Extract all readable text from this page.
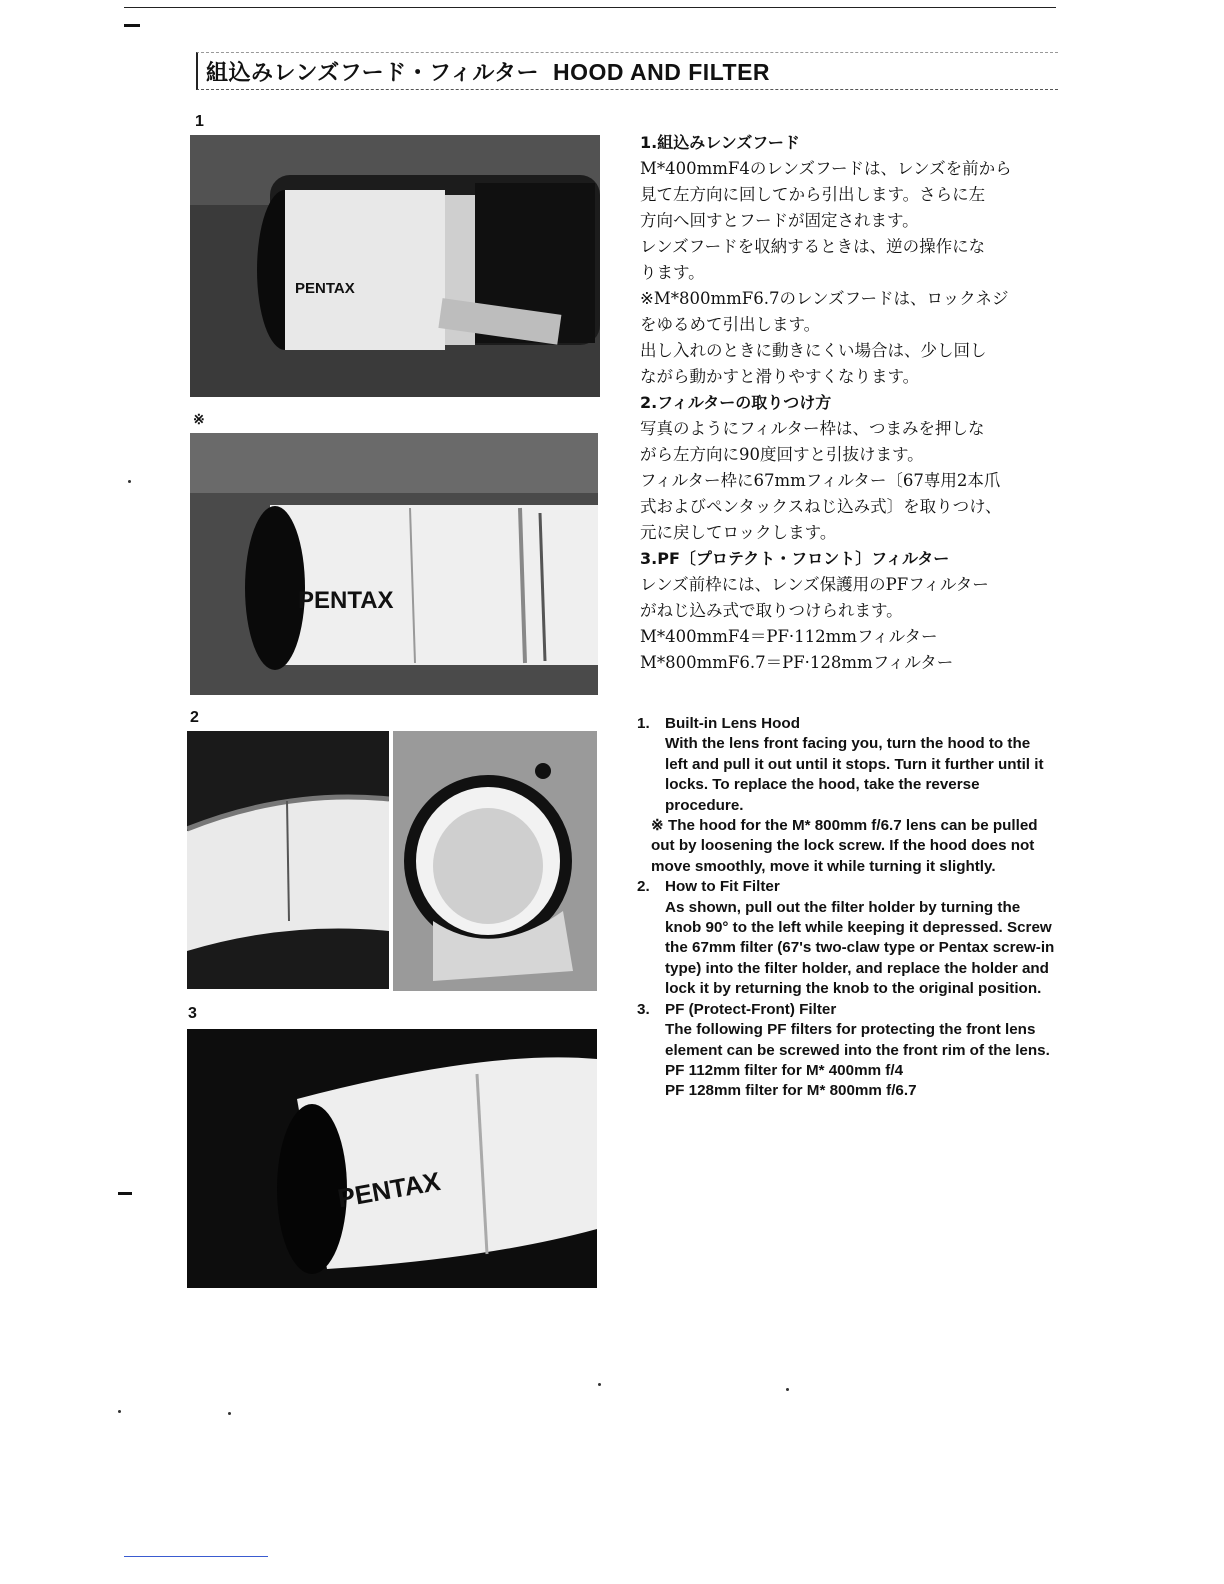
組込みレンズフード・フィルター HOOD AND FILTER
1
PENTAX
※
PENTAX
2
3
PENTAX

1.組込みレンズフード

M*400mmF4のレンズフードは、レンズを前から

見て左方向に回してから引出します。さらに左

方向へ回すとフードが固定されます。

レンズフードを収納するときは、逆の操作にな

ります。

※M*800mmF6.7のレンズフードは、ロックネジ

をゆるめて引出します。

出し入れのときに動きにくい場合は、少し回し

ながら動かすと滑りやすくなります。

2.フィルターの取りつけ方

写真のようにフィルター枠は、つまみを押しな

がら左方向に90度回すと引抜けます。

フィルター枠に67mmフィルター〔67専用2本爪

式およびペンタックスねじ込み式〕を取りつけ、

元に戻してロックします。

3.PF〔プロテクト・フロント〕フィルター

レンズ前枠には、レンズ保護用のPFフィルター

がねじ込み式で取りつけられます。

M*400mmF4＝PF·112mmフィルター

M*800mmF6.7＝PF·128mmフィルター

1.	Built-in Lens Hood
With the lens front facing you, turn the hood to the left and pull it out until it stops. Turn it further until it locks. To replace the hood, take the reverse procedure.
※ The hood for the M* 800mm f/6.7 lens can be pulled out by loosening the lock screw. If the hood does not move smoothly, move it while turning it slightly.
2.	How to Fit Filter
As shown, pull out the filter holder by turning the knob 90° to the left while keeping it depressed. Screw the 67mm filter (67's two-claw type or Pentax screw-in type) into the filter holder, and replace the holder and lock it by returning the knob to the original position.
3.	PF (Protect-Front) Filter
The following PF filters for protecting the front lens element can be screwed into the front rim of the lens.
PF 112mm filter for M* 400mm f/4
PF 128mm filter for M* 800mm f/6.7
